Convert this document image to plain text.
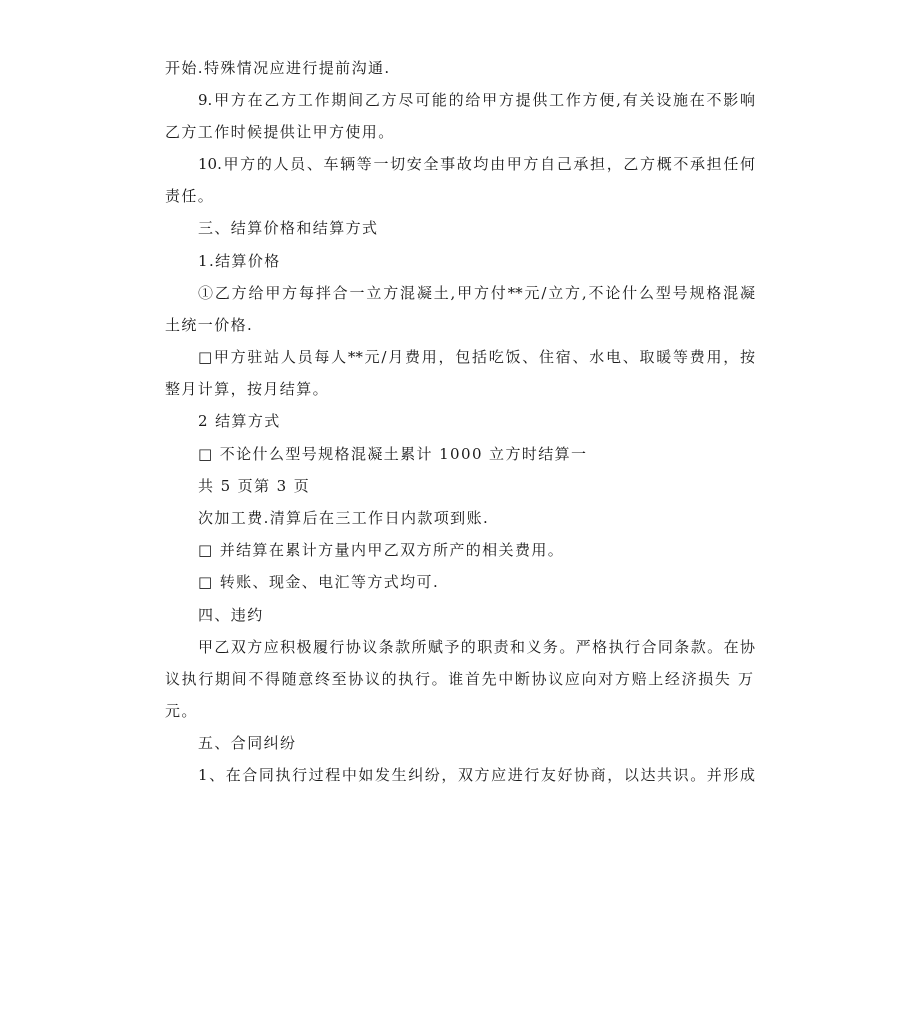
开始.特殊情况应进行提前沟通.
9.甲方在乙方工作期间乙方尽可能的给甲方提供工作方便,有关设施在不影响
乙方工作时候提供让甲方使用。
10.甲方的人员、车辆等一切安全事故均由甲方自己承担，乙方概不承担任何
责任。
三、结算价格和结算方式
1.结算价格
①乙方给甲方每拌合一立方混凝土,甲方付**元/立方,不论什么型号规格混凝
土统一价格.
□甲方驻站人员每人**元/月费用，包括吃饭、住宿、水电、取暖等费用，按
整月计算，按月结算。
2 结算方式
□ 不论什么型号规格混凝土累计 1000 立方时结算一
共 5 页第 3 页
次加工费.清算后在三工作日内款项到账.
□ 并结算在累计方量内甲乙双方所产的相关费用。
□ 转账、现金、电汇等方式均可.
四、违约
甲乙双方应积极履行协议条款所赋予的职责和义务。严格执行合同条款。在协
议执行期间不得随意终至协议的执行。谁首先中断协议应向对方赔上经济损失 万
元。
五、合同纠纷
1、在合同执行过程中如发生纠纷，双方应进行友好协商，以达共识。并形成
